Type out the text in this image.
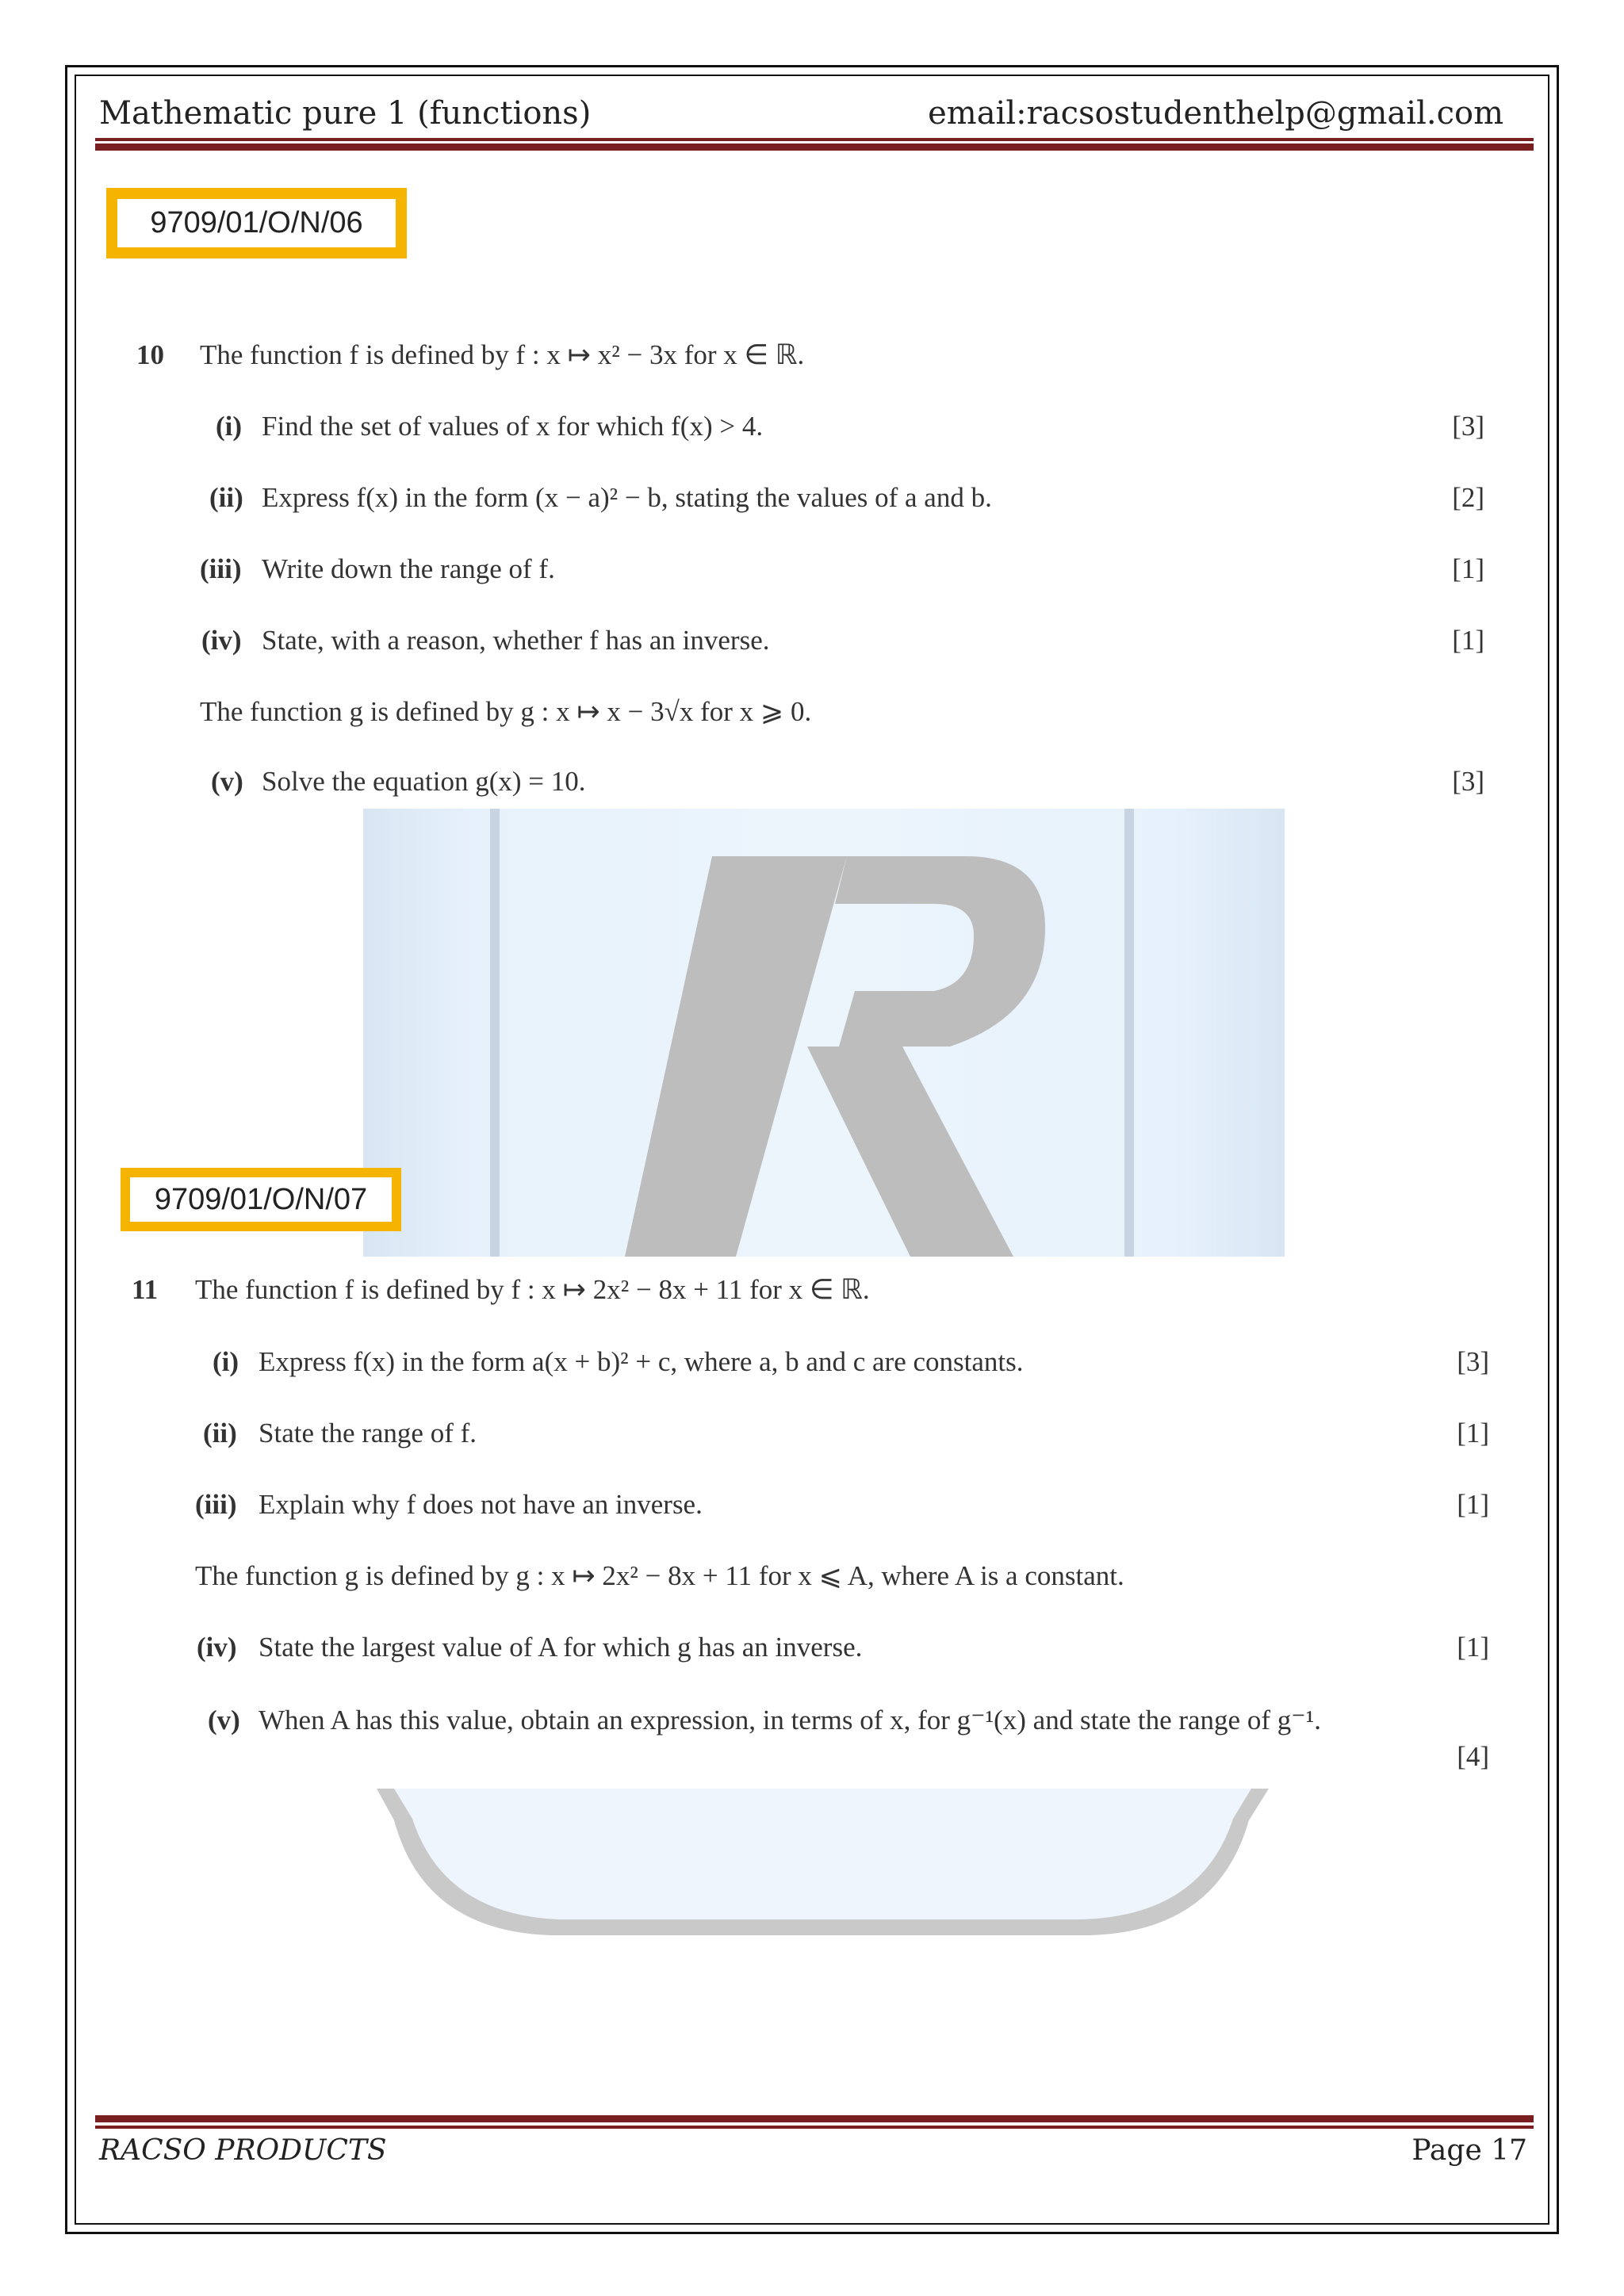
Mathematic pure 1 (functions)	email:racsostudenthelp@gmail.com
9709/01/O/N/06
10 The function f is defined by f : x ↦ x² − 3x for x ∈ ℝ.
(i) Find the set of values of x for which f(x) > 4.	[3]
(ii) Express f(x) in the form (x − a)² − b, stating the values of a and b.	[2]
(iii) Write down the range of f.	[1]
(iv) State, with a reason, whether f has an inverse.	[1]
The function g is defined by g : x ↦ x − 3√x for x ⩾ 0.
(v) Solve the equation g(x) = 10.	[3]
9709/01/O/N/07
11 The function f is defined by f : x ↦ 2x² − 8x + 11 for x ∈ ℝ.
(i) Express f(x) in the form a(x + b)² + c, where a, b and c are constants.	[3]
(ii) State the range of f.	[1]
(iii) Explain why f does not have an inverse.	[1]
The function g is defined by g : x ↦ 2x² − 8x + 11 for x ⩽ A, where A is a constant.
(iv) State the largest value of A for which g has an inverse.	[1]
(v) When A has this value, obtain an expression, in terms of x, for g⁻¹(x) and state the range of g⁻¹.
[4]
RACSO PRODUCTS	Page 17
